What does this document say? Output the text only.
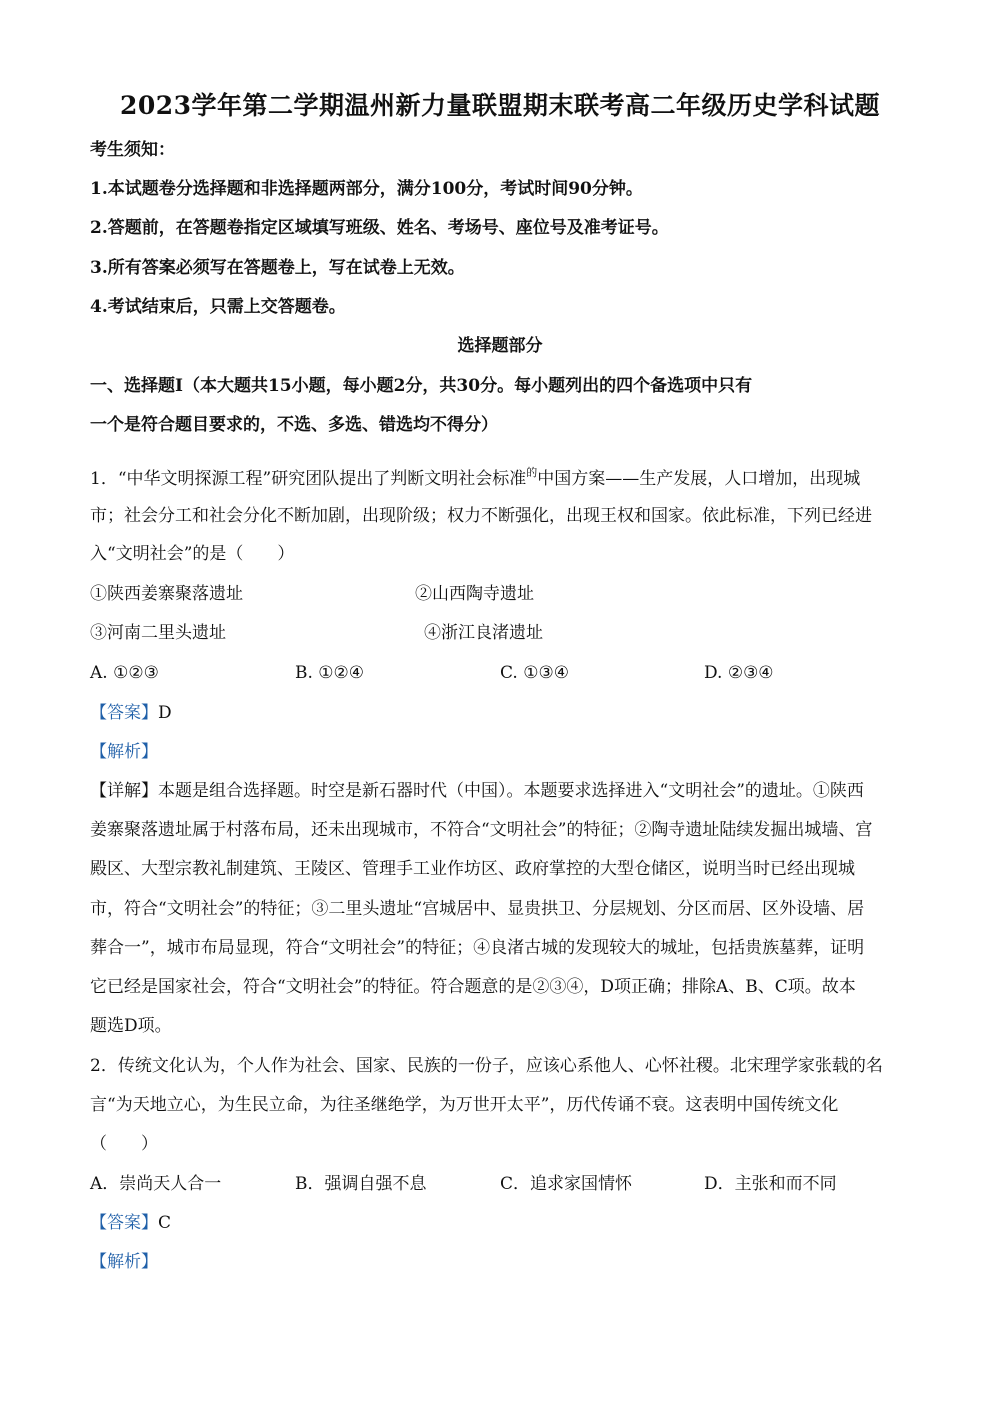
2023学年第二学期温州新力量联盟期末联考高二年级历史学科试题
考生须知：
1.本试题卷分选择题和非选择题两部分，满分100分，考试时间90分钟。
2.答题前，在答题卷指定区域填写班级、姓名、考场号、座位号及准考证号。
3.所有答案必须写在答题卷上，写在试卷上无效。
4.考试结束后，只需上交答题卷。
选择题部分
一、选择题Ⅰ（本大题共15小题，每小题2分，共30分。每小题列出的四个备选项中只有
一个是符合题目要求的，不选、多选、错选均不得分）
1．“中华文明探源工程”研究团队提出了判断文明社会标准$^的$中国方案——生产发展，人口增加，出现城
市；社会分工和社会分化不断加剧，出现阶级；权力不断强化，出现王权和国家。依此标准，下列已经进
入“文明社会”的是（　　）
①陕西姜寨聚落遗址	②山西陶寺遗址
③河南二里头遗址	④浙江良渚遗址
A. ①②③	B. ①②④	C. ①③④	D. ②③④
【答案】D
【解析】
【详解】本题是组合选择题。时空是新石器时代（中国）。本题要求选择进入“文明社会”的遗址。①陕西
姜寨聚落遗址属于村落布局，还未出现城市，不符合“文明社会”的特征；②陶寺遗址陆续发掘出城墙、宫
殿区、大型宗教礼制建筑、王陵区、管理手工业作坊区、政府掌控的大型仓储区，说明当时已经出现城
市，符合“文明社会”的特征；③二里头遗址“宫城居中、显贵拱卫、分层规划、分区而居、区外设墙、居
葬合一”，城市布局显现，符合“文明社会”的特征；④良渚古城的发现较大的城址，包括贵族墓葬，证明
它已经是国家社会，符合“文明社会”的特征。符合题意的是②③④，D项正确；排除A、B、C项。故本
题选D项。
2．传统文化认为，个人作为社会、国家、民族的一份子，应该心系他人、心怀社稷。北宋理学家张载的名
言“为天地立心，为生民立命，为往圣继绝学，为万世开太平”，历代传诵不衰。这表明中国传统文化
（　　）
A．崇尚天人合一	B．强调自强不息	C．追求家国情怀	D．主张和而不同
【答案】C
【解析】
